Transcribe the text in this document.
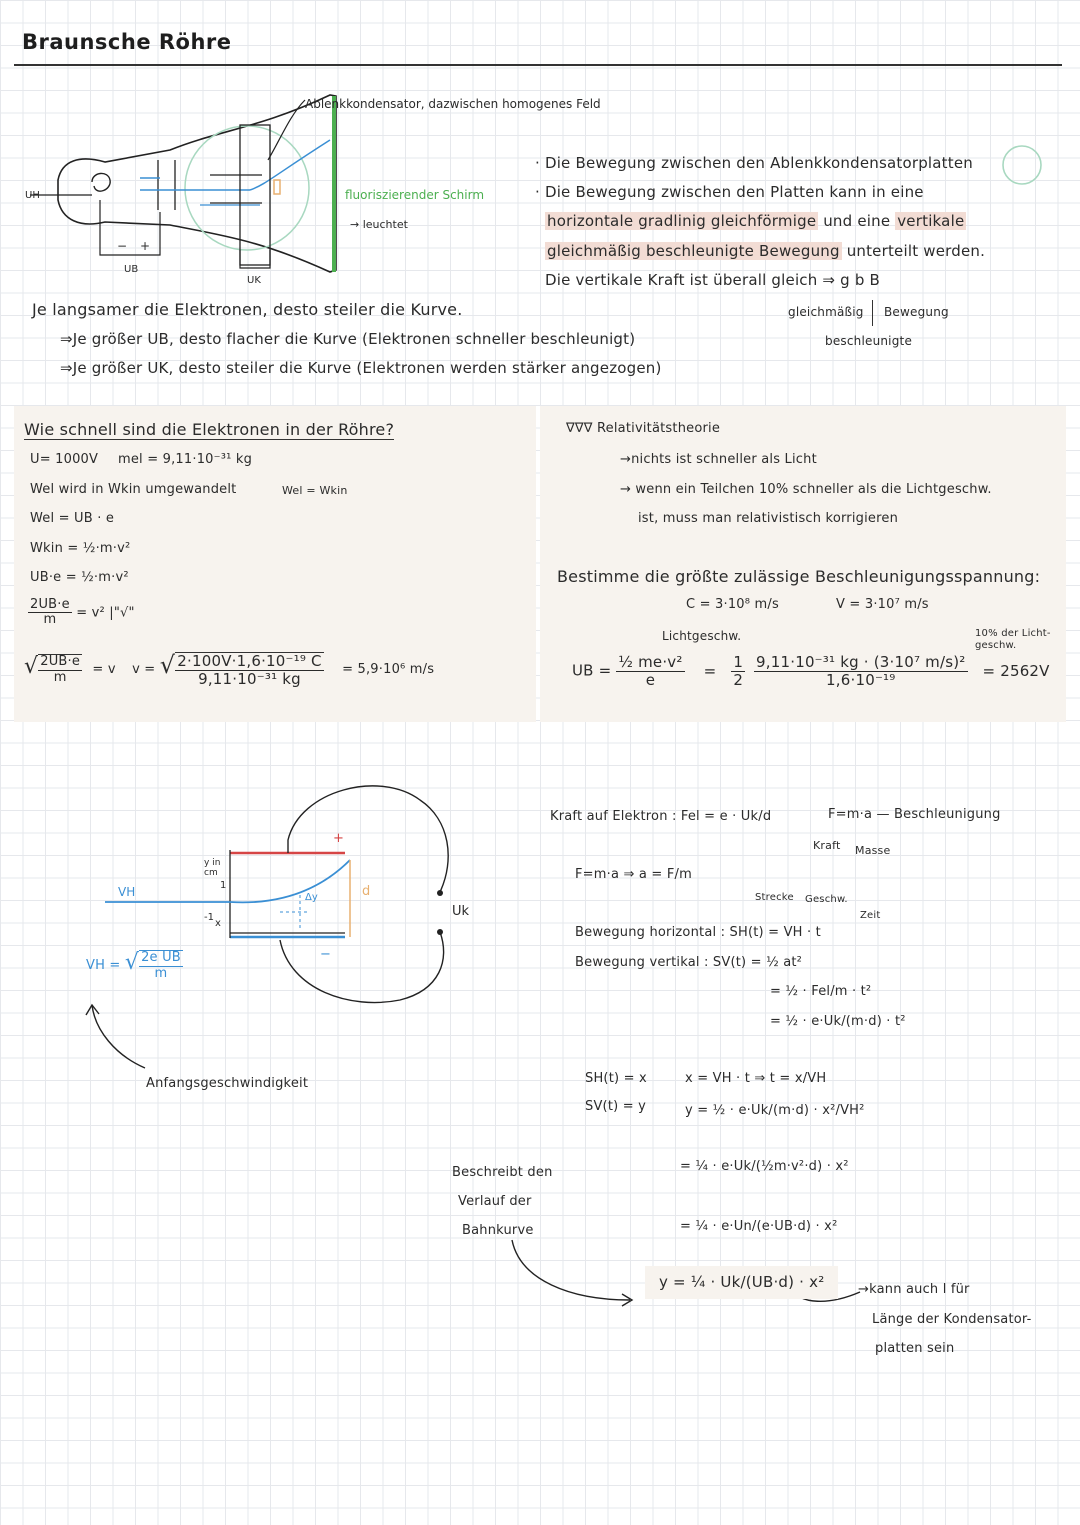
Braunsche Röhre
Ablenkkondensator, dazwischen homogenes Feld
fluoriszierender Schirm
→ leuchtet
UH
UB
UK
− +
· Die Bewegung zwischen den Ablenkkondensatorplatten
· Die Bewegung zwischen den Platten kann in eine
horizontale gradlinig gleichförmige und eine vertikale
gleichmäßig beschleunigte Bewegung unterteilt werden.
Die vertikale Kraft ist überall gleich ⇒ g b B
gleichmäßig Bewegung
beschleunigte
Je langsamer die Elektronen, desto steiler die Kurve.
⇒Je größer UB, desto flacher die Kurve (Elektronen schneller beschleunigt)
⇒Je größer UK, desto steiler die Kurve (Elektronen werden stärker angezogen)
Wie schnell sind die Elektronen in der Röhre?
U= 1000V mel = 9,11·10⁻³¹ kg
Wel wird in Wkin umgewandelt	Wel = Wkin
Wel = UB · e
Wkin = ½·m·v²
UB·e = ½·m·v²
$\frac{2UB\cdot e}{m} = v^2$ |"√"
√ $\frac{2UB\cdot e}{m} = v$ v = √ $\frac{\text{2·100V·1,6·10⁻¹⁹ C}}{\text{9,11·10⁻³¹ kg}} = 5,9\cdot 10^6$ m/s
∇∇∇ Relativitätstheorie
→nichts ist schneller als Licht
→ wenn ein Teilchen 10% schneller als die Lichtgeschw.
ist, muss man relativistisch korrigieren
Bestimme die größte zulässige Beschleunigungsspannung:
C = 3·10⁸ m/s	V = 3·10⁷ m/s
Lichtgeschw.	10% der Licht-geschw.
UB = $\frac{\text{½ me·v²}}{e} = \frac{1}{2}$
$\frac{\text{9,11·10⁻³¹ kg · (3·10⁷ m/s)²}}{\text{1,6·10⁻¹⁹}} = 2562V$
VH
y in cm
1
-1
x
Δy	d
+
−
Uk
VH = √ $\frac{\text{2e UB}}{m}$
Anfangsgeschwindigkeit
Kraft auf Elektron : Fel = e · Uk/d	F=m·a — Beschleunigung
Kraft Masse
F=m·a ⇒ a = F/m
Strecke Geschw.
Zeit
Bewegung horizontal : SH(t) = VH · t
Bewegung vertikal : SV(t) = ½ at²
= ½ · Fel/m · t²
= ½ · e·Uk/(m·d) · t²
SH(t) = x
SV(t) = y
x = VH · t ⇒ t = x/VH
y = ½ · e·Uk/(m·d) · x²/VH²
= ¼ · e·Uk/(½m·v²·d) · x²
= ¼ · e·Un/(e·UB·d) · x²
y = ¼ · Uk/(UB·d) · x²
Beschreibt den
Verlauf der
Bahnkurve
→kann auch l für
Länge der Kondensator-
platten sein
